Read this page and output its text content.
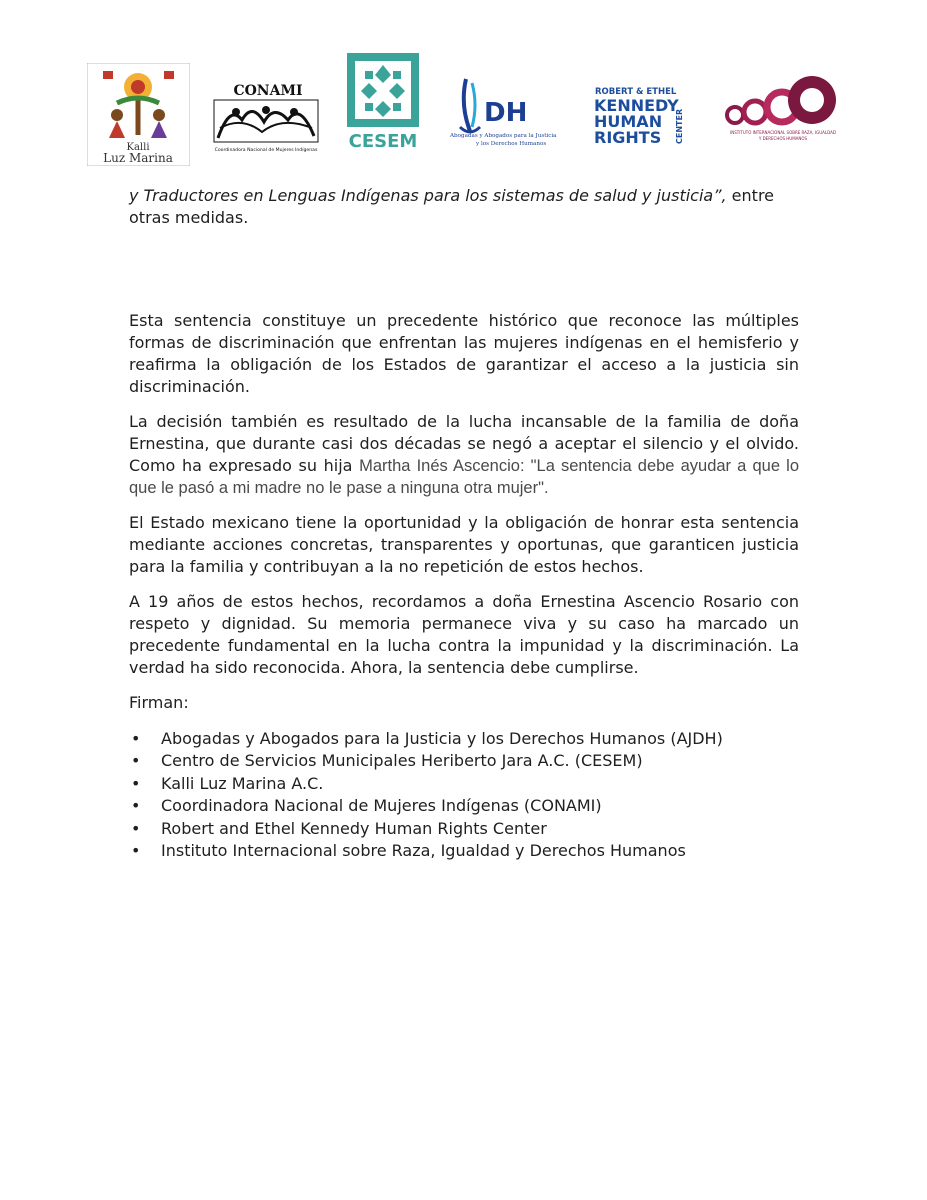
Kalli
Luz Marina
CONAMI
Coordinadora Nacional de Mujeres Indígenas CESEM
DH
Abogadas y Abogados para la Justicia
y los Derechos Humanos
ROBERT & ETHEL
KENNEDY
HUMAN
RIGHTS CENTER	INSTITUTO INTERNACIONAL SOBRE RAZA, IGUALDAD
Y DERECHOS HUMANOS

y Traductores en Lenguas Indígenas para los sistemas de salud y justicia”, entre otras medidas.

Esta sentencia constituye un precedente histórico que reconoce las múltiples formas de discriminación que enfrentan las mujeres indígenas en el hemisferio y reafirma la obligación de los Estados de garantizar el acceso a la justicia sin discriminación.

La decisión también es resultado de la lucha incansable de la familia de doña Ernestina, que durante casi dos décadas se negó a aceptar el silencio y el olvido. Como ha expresado su hija Martha Inés Ascencio: "La sentencia debe ayudar a que lo que le pasó a mi madre no le pase a ninguna otra mujer".

El Estado mexicano tiene la oportunidad y la obligación de honrar esta sentencia mediante acciones concretas, transparentes y oportunas, que garanticen justicia para la familia y contribuyan a la no repetición de estos hechos.

A 19 años de estos hechos, recordamos a doña Ernestina Ascencio Rosario con respeto y dignidad. Su memoria permanece viva y su caso ha marcado un precedente fundamental en la lucha contra la impunidad y la discriminación. La verdad ha sido reconocida. Ahora, la sentencia debe cumplirse.

Firman:

• Abogadas y Abogados para la Justicia y los Derechos Humanos (AJDH)
• Centro de Servicios Municipales Heriberto Jara A.C. (CESEM)
• Kalli Luz Marina A.C.
• Coordinadora Nacional de Mujeres Indígenas (CONAMI)
• Robert and Ethel Kennedy Human Rights Center
• Instituto Internacional sobre Raza, Igualdad y Derechos Humanos
